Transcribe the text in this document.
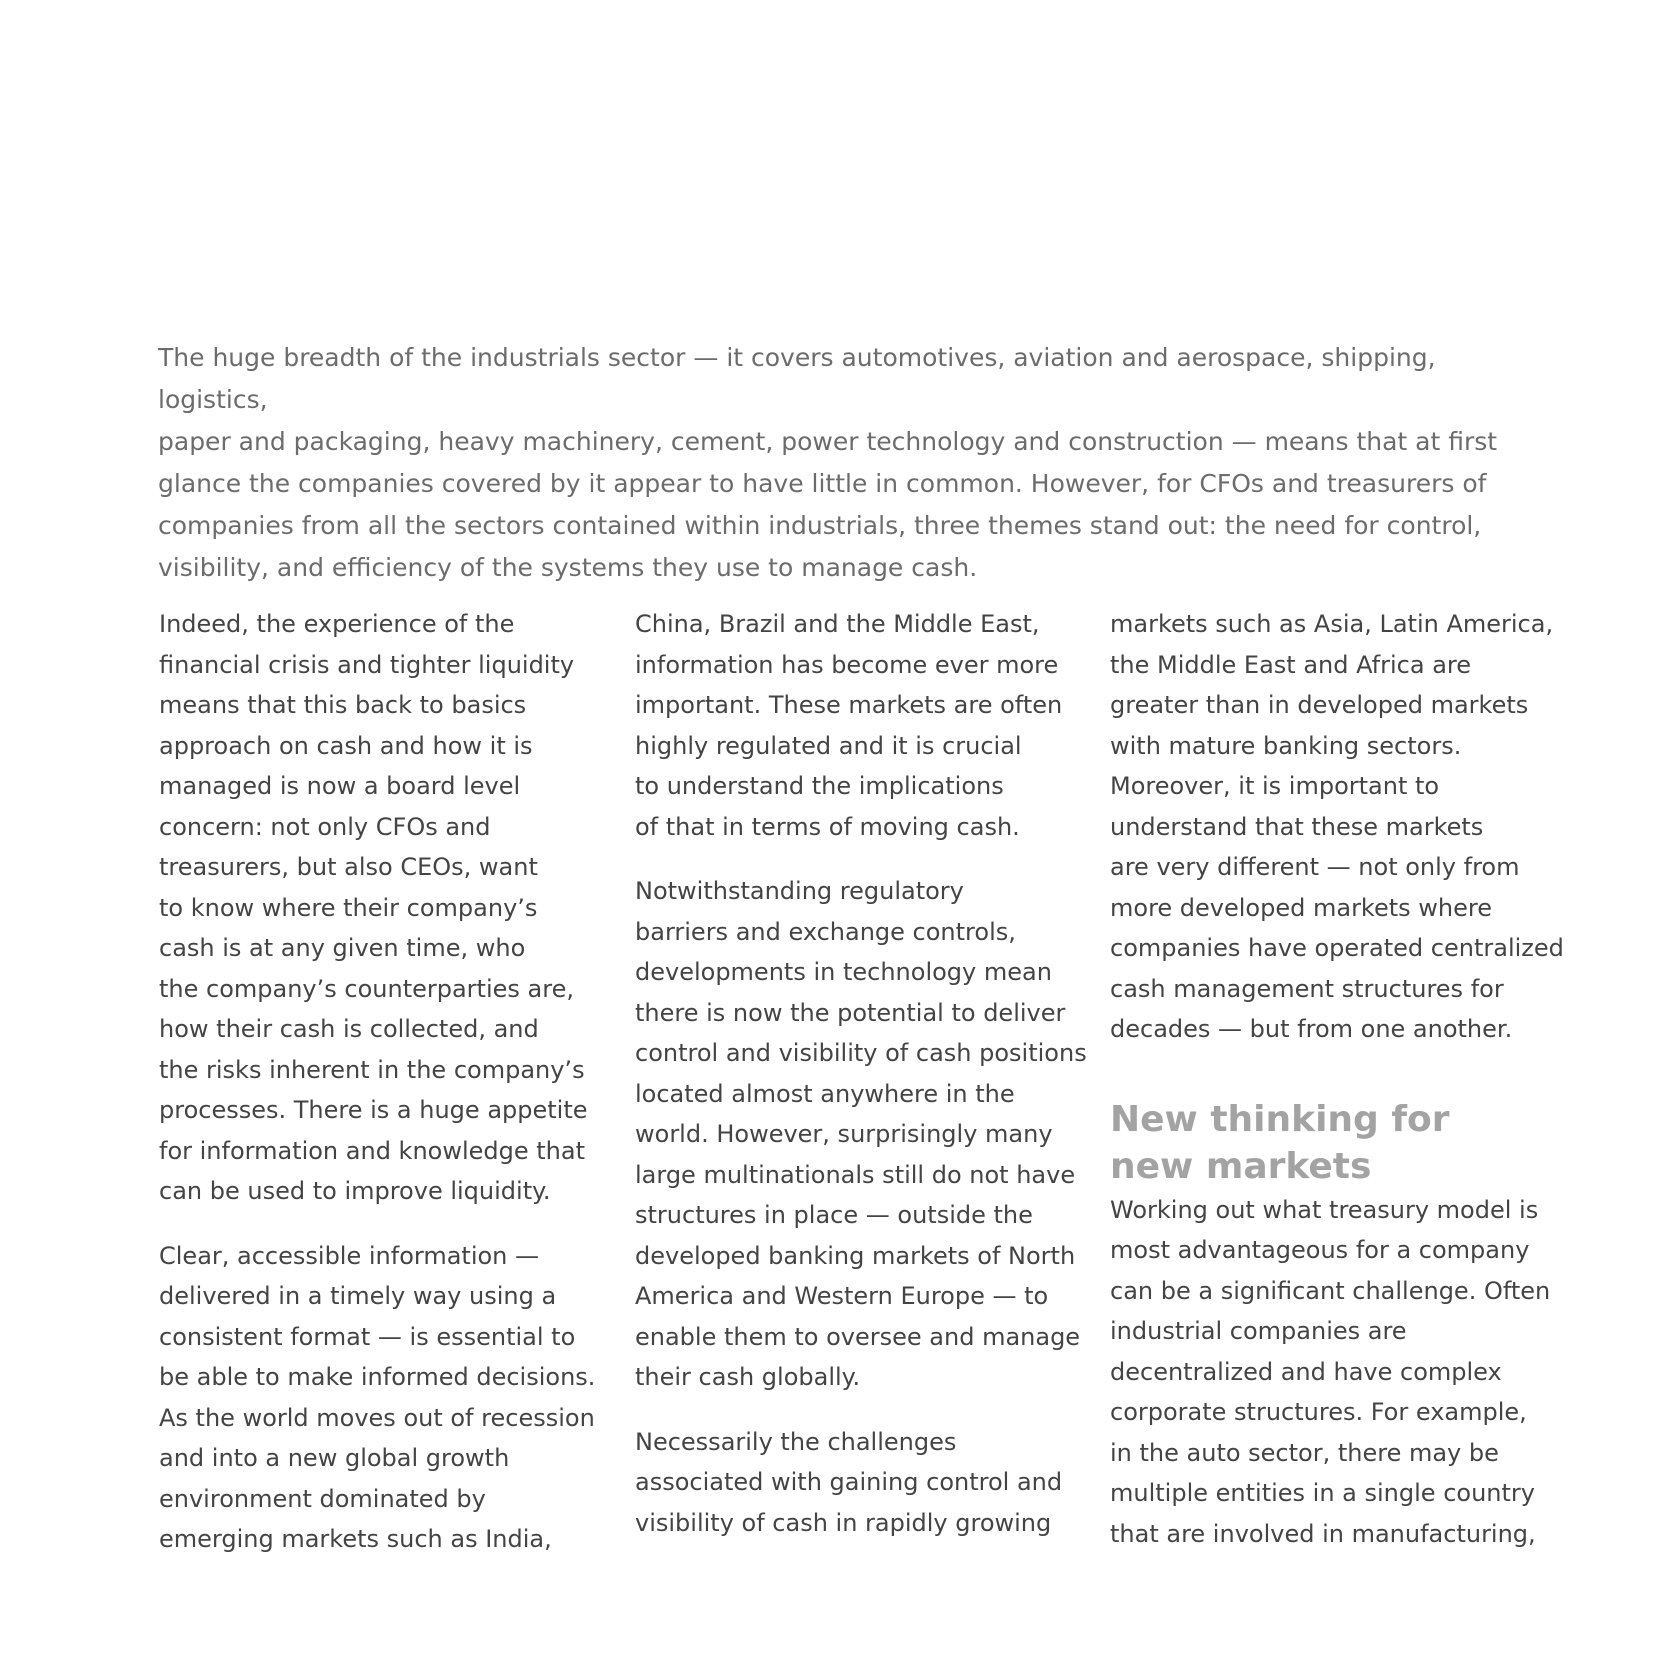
The huge breadth of the industrials sector — it covers automotives, aviation and aerospace, shipping, logistics,
paper and packaging, heavy machinery, cement, power technology and construction — means that at first
glance the companies covered by it appear to have little in common. However, for CFOs and treasurers of
companies from all the sectors contained within industrials, three themes stand out: the need for control,
visibility, and efficiency of the systems they use to manage cash.

Indeed, the experience of the
financial crisis and tighter liquidity
means that this back to basics
approach on cash and how it is
managed is now a board level
concern: not only CFOs and
treasurers, but also CEOs, want
to know where their company’s
cash is at any given time, who
the company’s counterparties are,
how their cash is collected, and
the risks inherent in the company’s
processes. There is a huge appetite
for information and knowledge that
can be used to improve liquidity.

Clear, accessible information —
delivered in a timely way using a
consistent format — is essential to
be able to make informed decisions.
As the world moves out of recession
and into a new global growth
environment dominated by
emerging markets such as India,

China, Brazil and the Middle East,
information has become ever more
important. These markets are often
highly regulated and it is crucial
to understand the implications
of that in terms of moving cash.

Notwithstanding regulatory
barriers and exchange controls,
developments in technology mean
there is now the potential to deliver
control and visibility of cash positions
located almost anywhere in the
world. However, surprisingly many
large multinationals still do not have
structures in place — outside the
developed banking markets of North
America and Western Europe — to
enable them to oversee and manage
their cash globally.

Necessarily the challenges
associated with gaining control and
visibility of cash in rapidly growing

markets such as Asia, Latin America,
the Middle East and Africa are
greater than in developed markets
with mature banking sectors.
Moreover, it is important to
understand that these markets
are very different — not only from
more developed markets where
companies have operated centralized
cash management structures for
decades — but from one another.

New thinking for
new markets

Working out what treasury model is
most advantageous for a company
can be a significant challenge. Often
industrial companies are
decentralized and have complex
corporate structures. For example,
in the auto sector, there may be
multiple entities in a single country
that are involved in manufacturing,
